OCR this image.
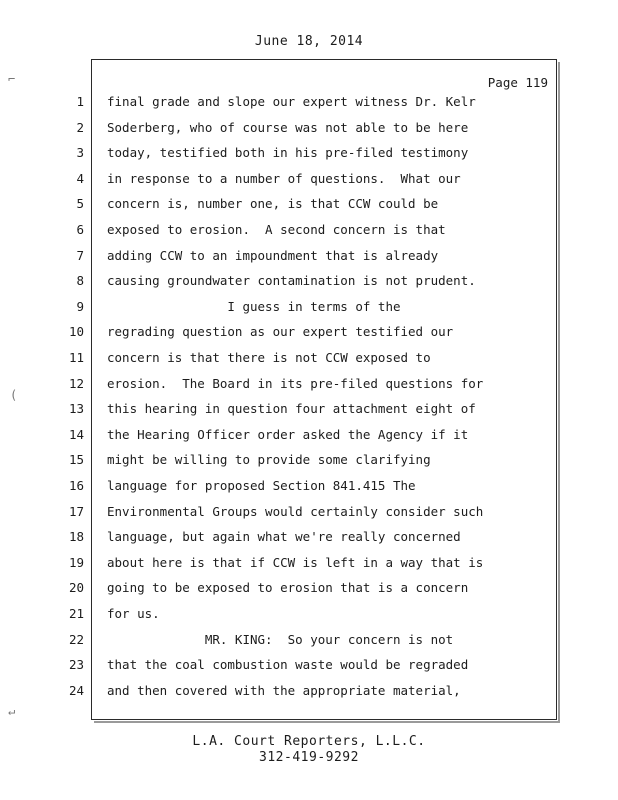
June 18, 2014
Page 119
1 final grade and slope our expert witness Dr. Kelr
2 Soderberg, who of course was not able to be here
3 today, testified both in his pre-filed testimony
4 in response to a number of questions.  What our
5 concern is, number one, is that CCW could be
6 exposed to erosion.  A second concern is that
7 adding CCW to an impoundment that is already
8 causing groundwater contamination is not prudent.
9 I guess in terms of the
10 regrading question as our expert testified our
11 concern is that there is not CCW exposed to
12 erosion.  The Board in its pre-filed questions for
13 this hearing in question four attachment eight of
14 the Hearing Officer order asked the Agency if it
15 might be willing to provide some clarifying
16 language for proposed Section 841.415 The
17 Environmental Groups would certainly consider such
18 language, but again what we're really concerned
19 about here is that if CCW is left in a way that is
20 going to be exposed to erosion that is a concern
21 for us.
22 MR. KING:  So your concern is not
23 that the coal combustion waste would be regraded
24 and then covered with the appropriate material,
L.A. Court Reporters, L.L.C.
312-419-9292
⌐
(
↵
